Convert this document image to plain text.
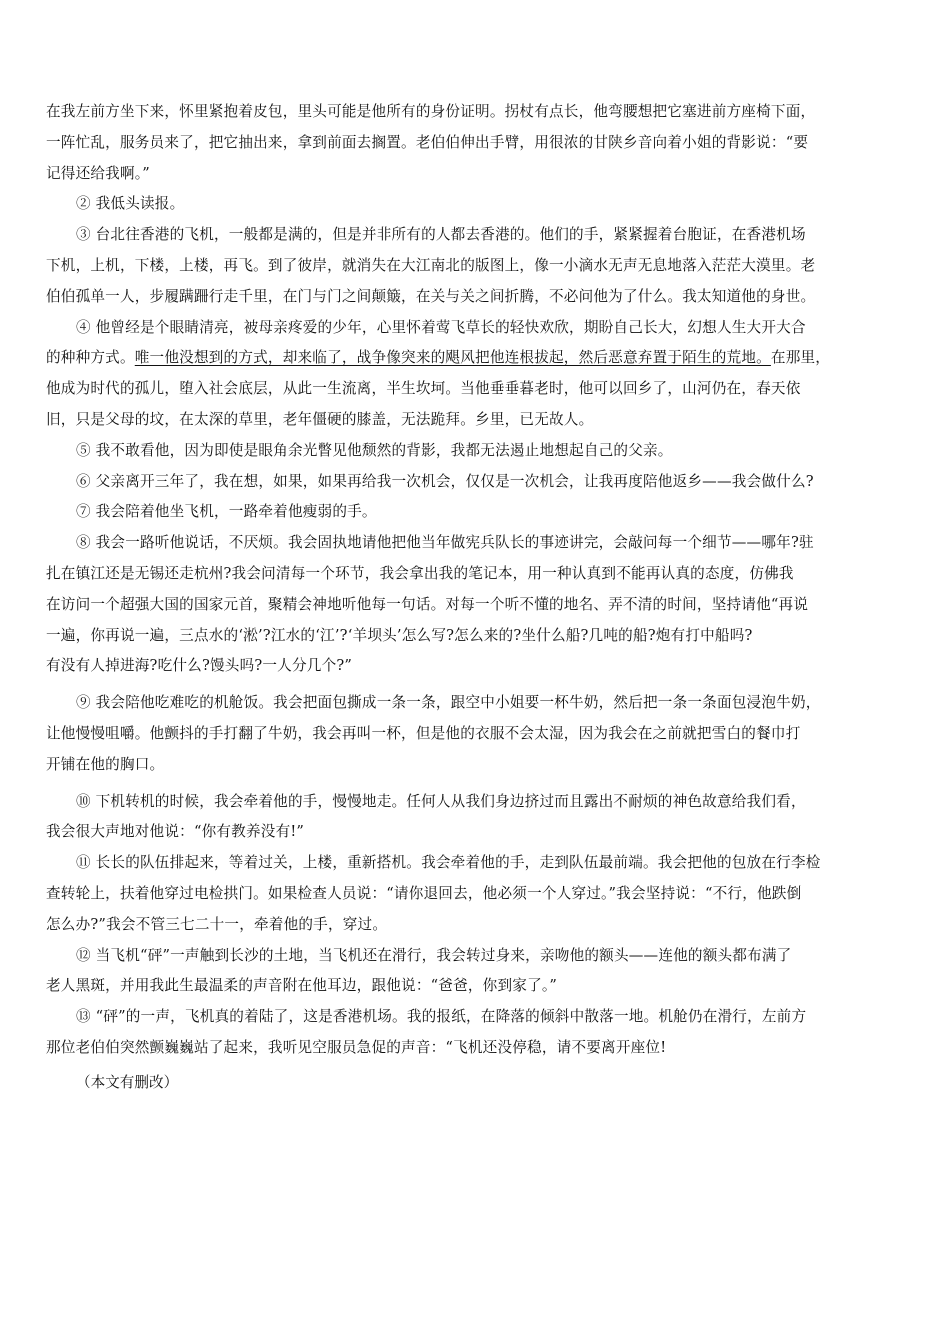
在我左前方坐下来，怀里紧抱着皮包，里头可能是他所有的身份证明。拐杖有点长，他弯腰想把它塞进前方座椅下面，
一阵忙乱，服务员来了，把它抽出来，拿到前面去搁置。老伯伯伸出手臂，用很浓的甘陕乡音向着小姐的背影说：“要
记得还给我啊。”

② 我低头读报。

③ 台北往香港的飞机，一般都是满的，但是并非所有的人都去香港的。他们的手，紧紧握着台胞证，在香港机场
下机，上机，下楼，上楼，再飞。到了彼岸，就消失在大江南北的版图上，像一小滴水无声无息地落入茫茫大漠里。老
伯伯孤单一人，步履蹒跚行走千里，在门与门之间颠簸，在关与关之间折腾，不必问他为了什么。我太知道他的身世。

④ 他曾经是个眼睛清亮，被母亲疼爱的少年，心里怀着莺飞草长的轻快欢欣，期盼自己长大，幻想人生大开大合
的种种方式。唯一他没想到的方式，却来临了，战争像突来的飓风把他连根拔起，然后恶意弃置于陌生的荒地。在那里，
他成为时代的孤儿，堕入社会底层，从此一生流离，半生坎坷。当他垂垂暮老时，他可以回乡了，山河仍在，春天依
旧，只是父母的坟，在太深的草里，老年僵硬的膝盖，无法跪拜。乡里，已无故人。

⑤ 我不敢看他，因为即使是眼角余光瞥见他颓然的背影，我都无法遏止地想起自己的父亲。

⑥ 父亲离开三年了，我在想，如果，如果再给我一次机会，仅仅是一次机会，让我再度陪他返乡——我会做什么?

⑦ 我会陪着他坐飞机，一路牵着他瘦弱的手。

⑧ 我会一路听他说话，不厌烦。我会固执地请他把他当年做宪兵队长的事迹讲完，会敲问每一个细节——哪年?驻
扎在镇江还是无锡还走杭州?我会问清每一个环节，我会拿出我的笔记本，用一种认真到不能再认真的态度，仿佛我
在访问一个超强大国的国家元首，聚精会神地听他每一句话。对每一个听不懂的地名、弄不清的时间，坚持请他“再说
一遍，你再说一遍，三点水的‘淞’?江水的‘江’?‘羊坝头’怎么写?怎么来的?坐什么船?几吨的船?炮有打中船吗?
有没有人掉进海?吃什么?馒头吗?一人分几个?”

⑨ 我会陪他吃难吃的机舱饭。我会把面包撕成一条一条，跟空中小姐要一杯牛奶，然后把一条一条面包浸泡牛奶，
让他慢慢咀嚼。他颤抖的手打翻了牛奶，我会再叫一杯，但是他的衣服不会太湿，因为我会在之前就把雪白的餐巾打
开铺在他的胸口。

⑩ 下机转机的时候，我会牵着他的手，慢慢地走。任何人从我们身边挤过而且露出不耐烦的神色故意给我们看，
我会很大声地对他说：“你有教养没有!”

⑪ 长长的队伍排起来，等着过关，上楼，重新搭机。我会牵着他的手，走到队伍最前端。我会把他的包放在行李检
查转轮上，扶着他穿过电检拱门。如果检查人员说：“请你退回去，他必须一个人穿过。”我会坚持说：“不行，他跌倒
怎么办?”我会不管三七二十一，牵着他的手，穿过。

⑫ 当飞机“砰”一声触到长沙的土地，当飞机还在滑行，我会转过身来，亲吻他的额头——连他的额头都布满了
老人黑斑，并用我此生最温柔的声音附在他耳边，跟他说：“爸爸，你到家了。”

⑬ “砰”的一声，飞机真的着陆了，这是香港机场。我的报纸，在降落的倾斜中散落一地。机舱仍在滑行，左前方
那位老伯伯突然颤巍巍站了起来，我听见空服员急促的声音：“飞机还没停稳，请不要离开座位!

（本文有删改）
